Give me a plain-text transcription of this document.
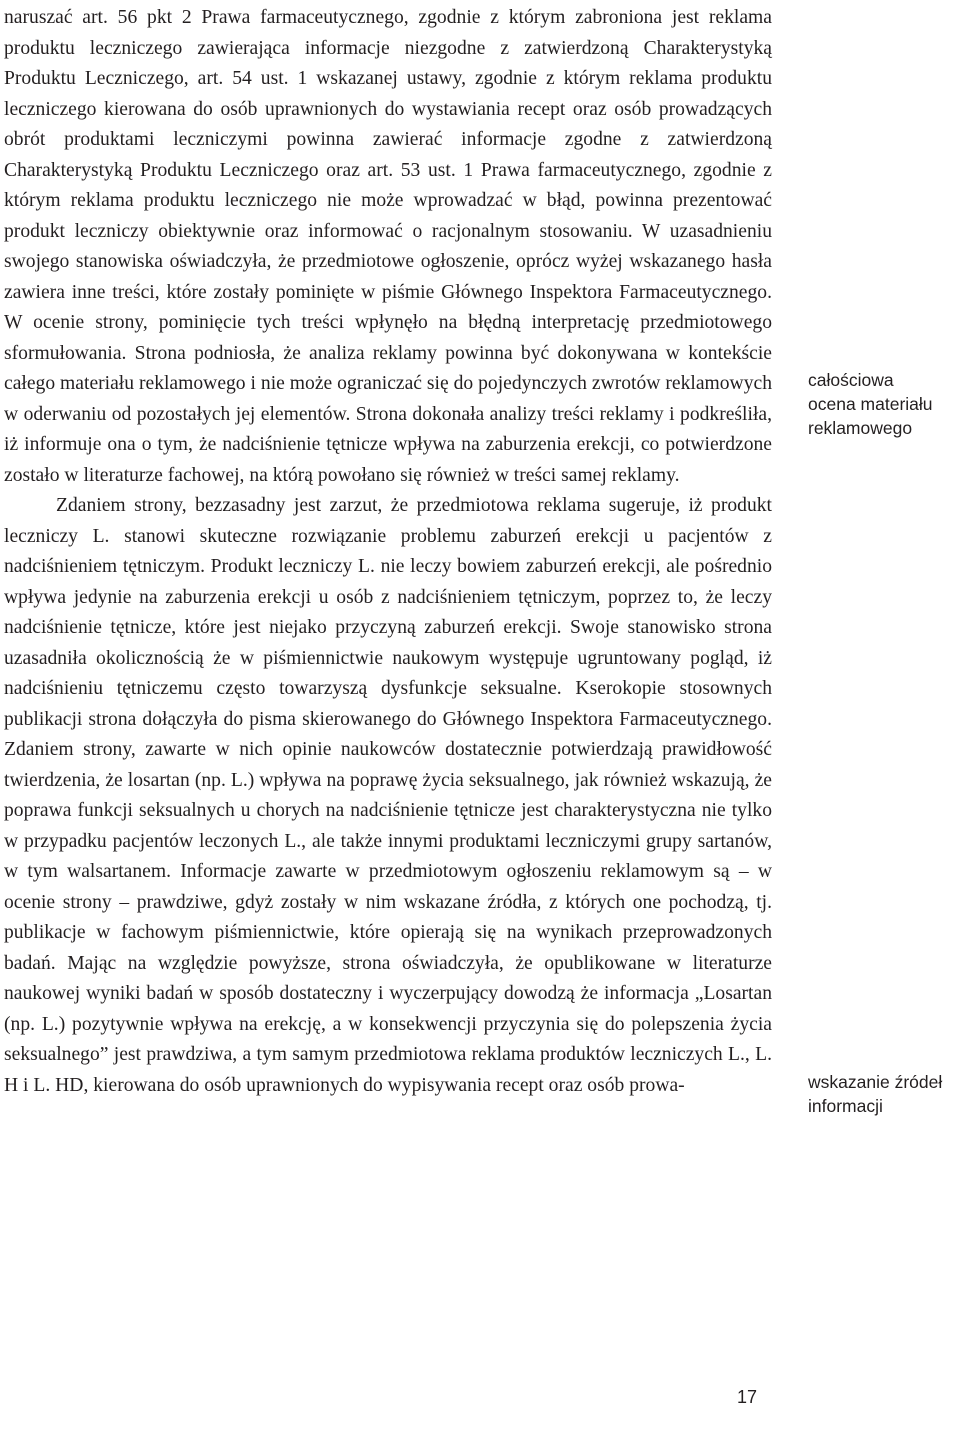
naruszać art. 56 pkt 2 Prawa farmaceutycznego, zgodnie z którym zabroniona jest reklama produktu leczniczego zawierająca informacje niezgodne z zatwierdzoną Charakterystyką Produktu Leczniczego, art. 54 ust. 1 wskazanej ustawy, zgodnie z którym reklama produktu leczniczego kierowana do osób uprawnionych do wystawiania recept oraz osób prowadzących obrót produktami leczniczymi powinna zawierać informacje zgodne z zatwierdzoną Charakterystyką Produktu Leczniczego oraz art. 53 ust. 1 Prawa farmaceutycznego, zgodnie z którym reklama produktu leczniczego nie może wprowadzać w błąd, powinna prezentować produkt leczniczy obiektywnie oraz informować o racjonalnym stosowaniu. W uzasadnieniu swojego stanowiska oświadczyła, że przedmiotowe ogłoszenie, oprócz wyżej wskazanego hasła zawiera inne treści, które zostały pominięte w piśmie Głównego Inspektora Farmaceutycznego. W ocenie strony, pominięcie tych treści wpłynęło na błędną interpretację przedmiotowego sformułowania. Strona podniosła, że analiza reklamy powinna być dokonywana w kontekście całego materiału reklamowego i nie może ograniczać się do pojedynczych zwrotów reklamowych w oderwaniu od pozostałych jej elementów. Strona dokonała analizy treści reklamy i podkreśliła, iż informuje ona o tym, że nadciśnienie tętnicze wpływa na zaburzenia erekcji, co potwierdzone zostało w literaturze fachowej, na którą powołano się również w treści samej reklamy.

Zdaniem strony, bezzasadny jest zarzut, że przedmiotowa reklama sugeruje, iż produkt leczniczy L. stanowi skuteczne rozwiązanie problemu zaburzeń erekcji u pacjentów z nadciśnieniem tętniczym. Produkt leczniczy L. nie leczy bowiem zaburzeń erekcji, ale pośrednio wpływa jedynie na zaburzenia erekcji u osób z nadciśnieniem tętniczym, poprzez to, że leczy nadciśnienie tętnicze, które jest niejako przyczyną zaburzeń erekcji. Swoje stanowisko strona uzasadniła okolicznością że w piśmiennictwie naukowym występuje ugruntowany pogląd, iż nadciśnieniu tętniczemu często towarzyszą dysfunkcje seksualne. Kserokopie stosownych publikacji strona dołączyła do pisma skierowanego do Głównego Inspektora Farmaceutycznego. Zdaniem strony, zawarte w nich opinie naukowców dostatecznie potwierdzają prawidłowość twierdzenia, że losartan (np. L.) wpływa na poprawę życia seksualnego, jak również wskazują, że poprawa funkcji seksualnych u chorych na nadciśnienie tętnicze jest charakterystyczna nie tylko w przypadku pacjentów leczonych L., ale także innymi produktami leczniczymi grupy sartanów, w tym walsartanem. Informacje zawarte w przedmiotowym ogłoszeniu reklamowym są – w ocenie strony – prawdziwe, gdyż zostały w nim wskazane źródła, z których one pochodzą, tj. publikacje w fachowym piśmiennictwie, które opierają się na wynikach przeprowadzonych badań. Mając na względzie powyższe, strona oświadczyła, że opublikowane w literaturze naukowej wyniki badań w sposób dostateczny i wyczerpujący dowodzą że informacja „Losartan (np. L.) pozytywnie wpływa na erekcję, a w konsekwencji przyczynia się do polepszenia życia seksualnego” jest prawdziwa, a tym samym przedmiotowa reklama produktów leczniczych L., L. H i L. HD, kierowana do osób uprawnionych do wypisywania recept oraz osób prowa-

całościowa
ocena materiału
reklamowego
wskazanie źródeł
informacji
17
